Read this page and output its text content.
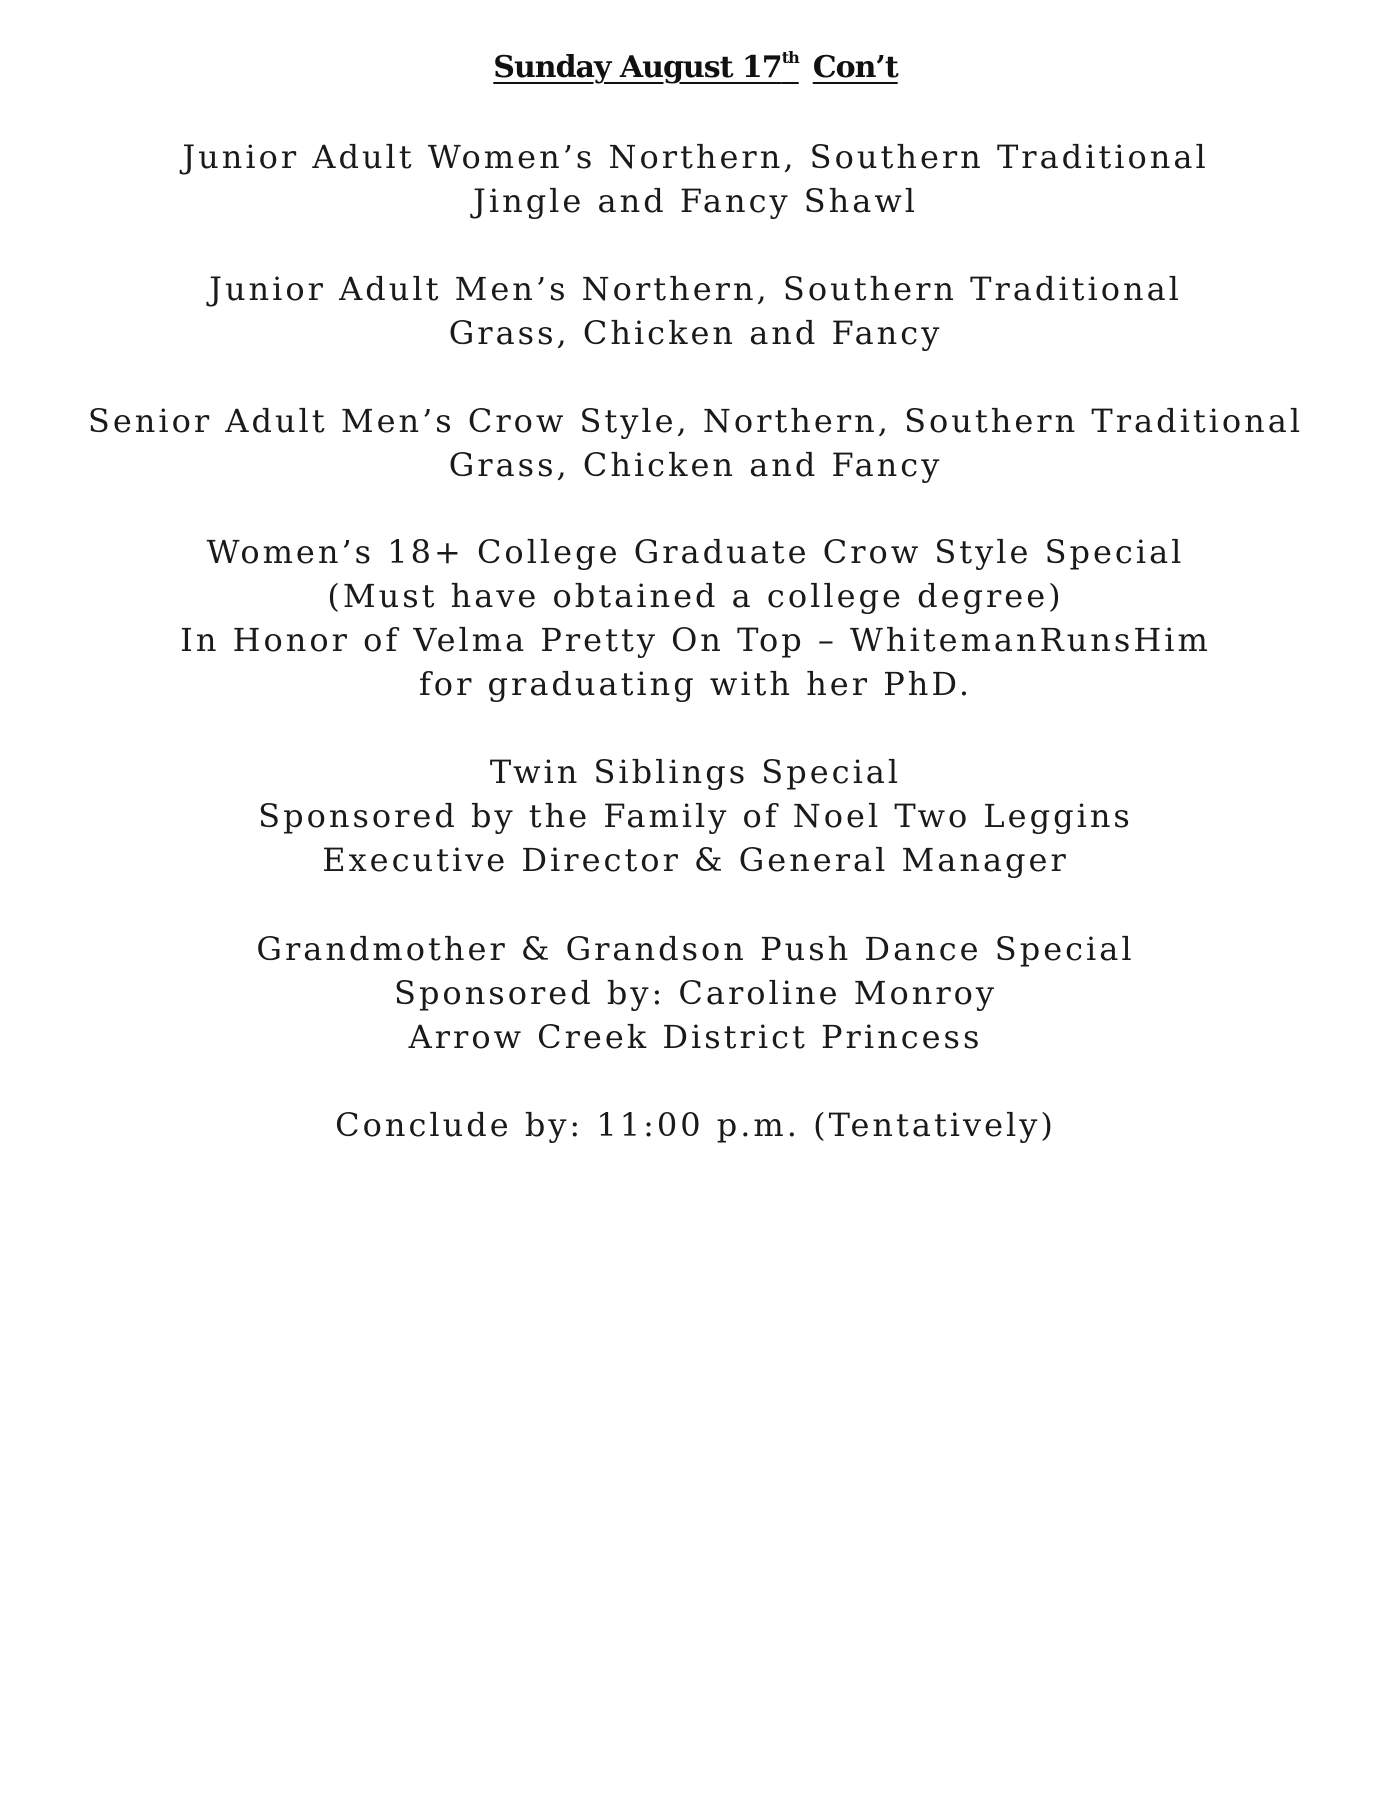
Sunday August 17th Con’t
Junior Adult Women’s Northern, Southern Traditional
Jingle and Fancy Shawl
Junior Adult Men’s Northern, Southern Traditional
Grass, Chicken and Fancy
Senior Adult Men’s Crow Style, Northern, Southern Traditional
Grass, Chicken and Fancy
Women’s 18+ College Graduate Crow Style Special
(Must have obtained a college degree)
In Honor of Velma Pretty On Top – WhitemanRunsHim
for graduating with her PhD.
Twin Siblings Special
Sponsored by the Family of Noel Two Leggins
Executive Director & General Manager
Grandmother & Grandson Push Dance Special
Sponsored by: Caroline Monroy
Arrow Creek District Princess
Conclude by: 11:00 p.m. (Tentatively)
